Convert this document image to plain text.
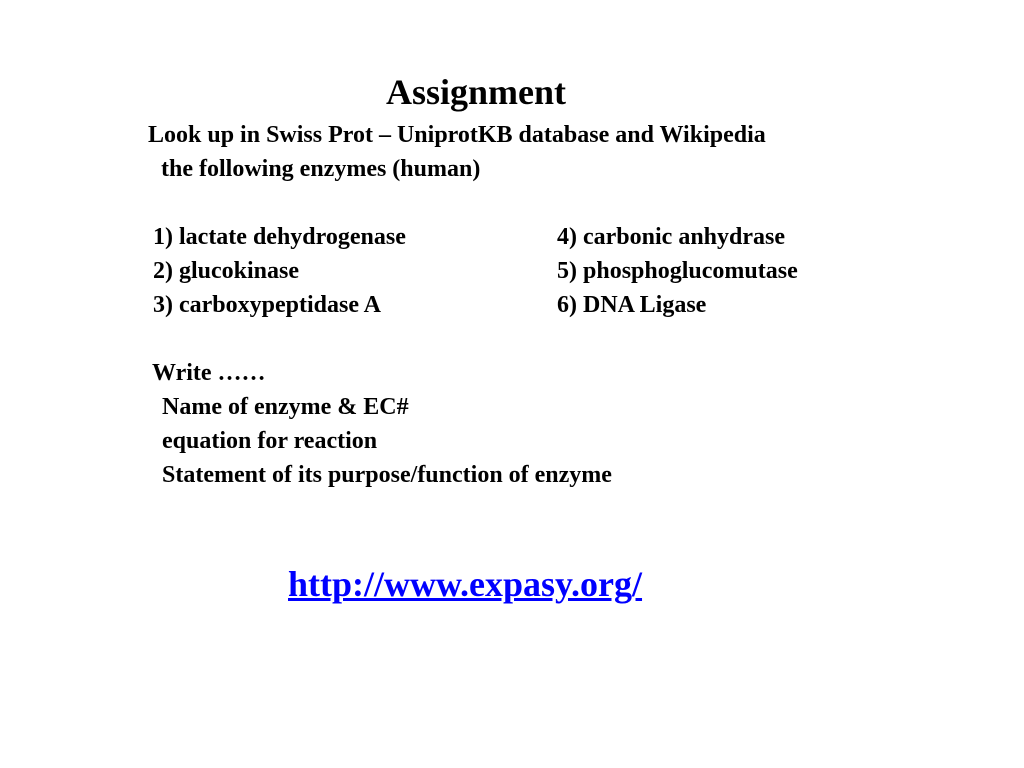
Assignment
Look up in Swiss Prot – UniprotKB database and Wikipedia
the following enzymes (human)
1) lactate dehydrogenase
2) glucokinase
3) carboxypeptidase A
4) carbonic anhydrase
5) phosphoglucomutase
6) DNA Ligase
Write ……
Name of enzyme & EC#
equation for reaction
Statement of its purpose/function of enzyme
http://www.expasy.org/
